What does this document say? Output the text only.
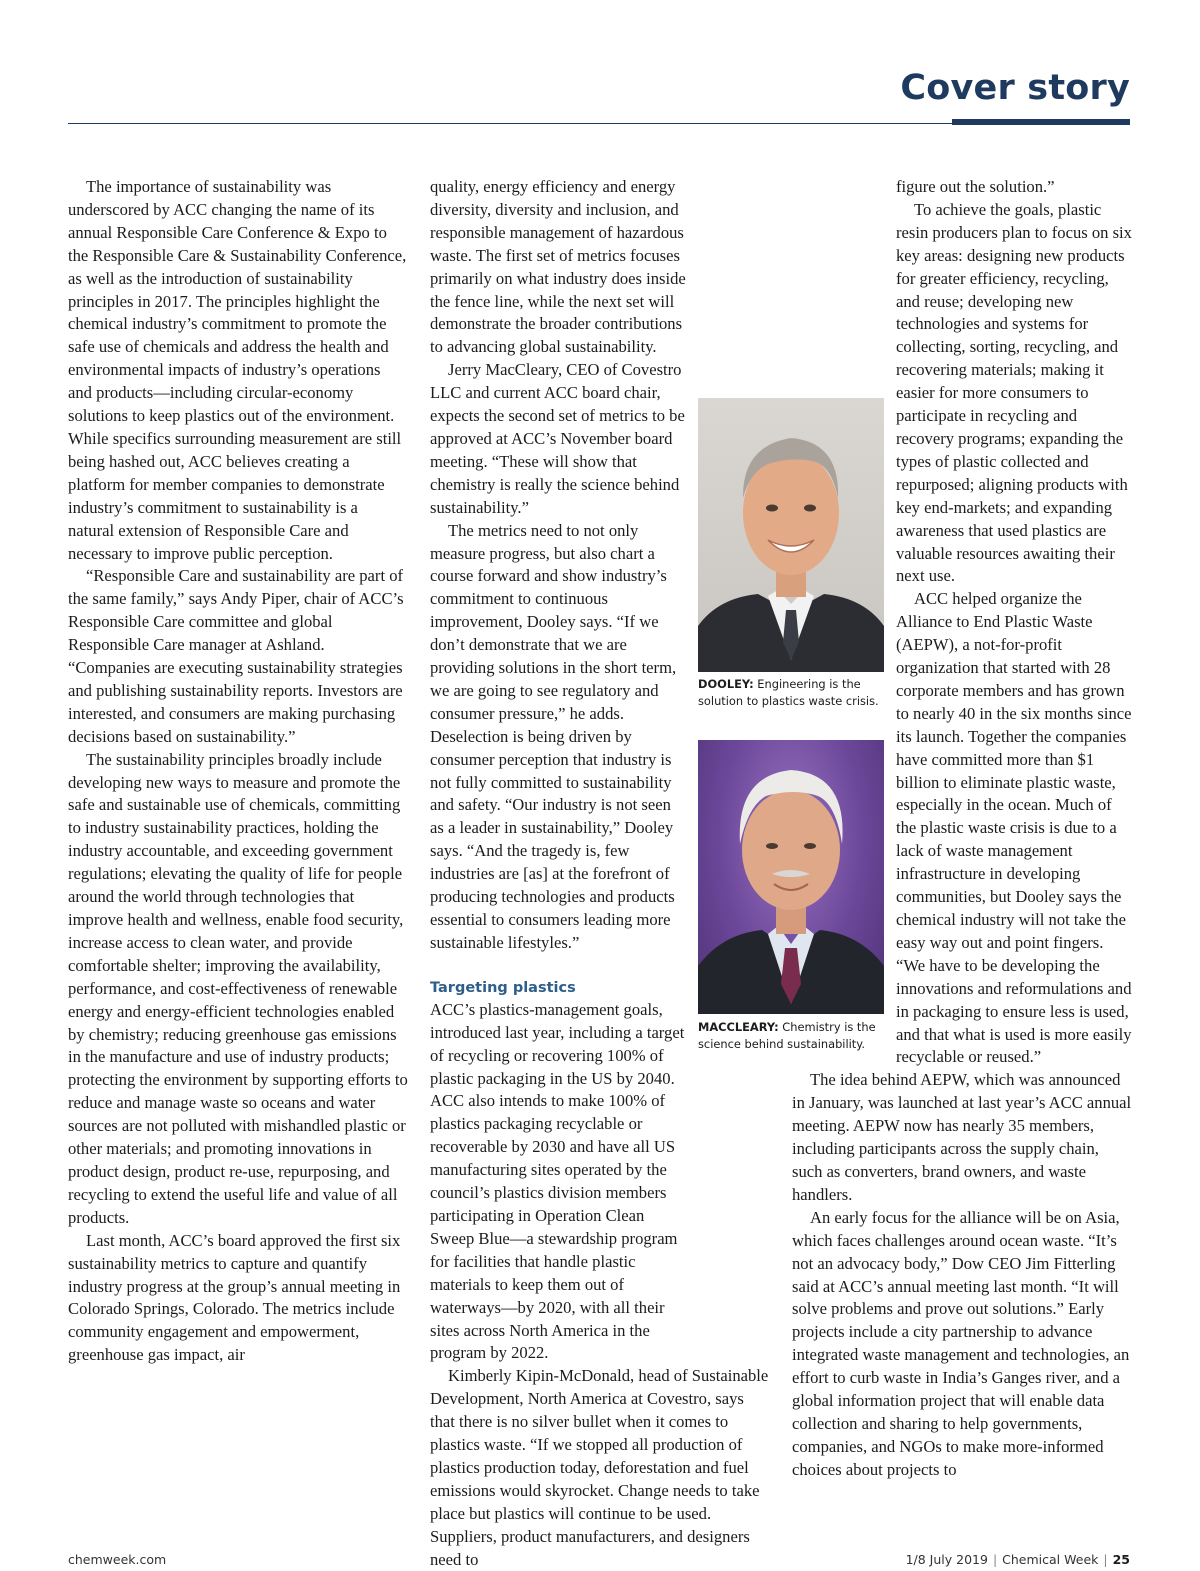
Cover story

The importance of sustainability was underscored by ACC changing the name of its annual Responsible Care Conference & Expo to the Responsible Care & Sustainability Conference, as well as the introduction of sustainability principles in 2017. The principles highlight the chemical industry’s commitment to promote the safe use of chemicals and address the health and environmental impacts of industry’s operations and products—including circular-economy solutions to keep plastics out of the environment. While specifics surrounding measurement are still being hashed out, ACC believes creating a platform for member companies to demonstrate industry’s commitment to sustainability is a natural extension of Responsible Care and necessary to improve public perception.

“Responsible Care and sustainability are part of the same family,” says Andy Piper, chair of ACC’s Responsible Care committee and global Responsible Care manager at Ashland. “Companies are executing sustainability strategies and publishing sustainability reports. Investors are interested, and consumers are making purchasing decisions based on sustainability.”

The sustainability principles broadly include developing new ways to measure and promote the safe and sustainable use of chemicals, committing to industry sustainability practices, holding the industry accountable, and exceeding government regulations; elevating the quality of life for people around the world through technologies that improve health and wellness, enable food security, increase access to clean water, and provide comfortable shelter; improving the availability, performance, and cost-effectiveness of renewable energy and energy-efficient technologies enabled by chemistry; reducing greenhouse gas emissions in the manufacture and use of industry products; protecting the environment by supporting efforts to reduce and manage waste so oceans and water sources are not polluted with mishandled plastic or other materials; and promoting innovations in product design, product re-use, repurposing, and recycling to extend the useful life and value of all products.

Last month, ACC’s board approved the first six sustainability metrics to capture and quantify industry progress at the group’s annual meeting in Colorado Springs, Colorado. The metrics include community engagement and empowerment, greenhouse gas impact, air

quality, energy efficiency and energy diversity, diversity and inclusion, and responsible management of hazardous waste. The first set of metrics focuses primarily on what industry does inside the fence line, while the next set will demonstrate the broader contributions to advancing global sustainability.

Jerry MacCleary, CEO of Covestro LLC and current ACC board chair, expects the second set of metrics to be approved at ACC’s November board meeting. “These will show that chemistry is really the science behind sustainability.”

The metrics need to not only measure progress, but also chart a course forward and show industry’s commitment to continuous improvement, Dooley says. “If we don’t demonstrate that we are providing solutions in the short term, we are going to see regulatory and consumer pressure,” he adds. Deselection is being driven by consumer perception that industry is not fully committed to sustainability and safety. “Our industry is not seen as a leader in sustainability,” Dooley says. “And the tragedy is, few industries are [as] at the forefront of producing technologies and products essential to consumers leading more sustainable lifestyles.”

Targeting plastics

ACC’s plastics-management goals, introduced last year, including a target of recycling or recovering 100% of plastic packaging in the US by 2040. ACC also intends to make 100% of plastics packaging recyclable or recoverable by 2030 and have all US manufacturing sites operated by the council’s plastics division members participating in Operation Clean Sweep Blue—a stewardship program for facilities that handle plastic materials to keep them out of waterways—by 2020, with all their sites across North America in the program by 2022.

Kimberly Kipin-McDonald, head of Sustainable Development, North America at Covestro, says that there is no silver bullet when it comes to plastics waste. “If we stopped all production of plastics production today, deforestation and fuel emissions would skyrocket. Change needs to take place but plastics will continue to be used. Suppliers, product manufacturers, and designers need to

figure out the solution.”

To achieve the goals, plastic resin producers plan to focus on six key areas: designing new products for greater efficiency, recycling, and reuse; developing new technologies and systems for collecting, sorting, recycling, and recovering materials; making it easier for more consumers to participate in recycling and recovery programs; expanding the types of plastic collected and repurposed; aligning products with key end-markets; and expanding awareness that used plastics are valuable resources awaiting their next use.

ACC helped organize the Alliance to End Plastic Waste (AEPW), a not-for-profit organization that started with 28 corporate members and has grown to nearly 40 in the six months since its launch. Together the companies have committed more than $1 billion to eliminate plastic waste, especially in the ocean. Much of the plastic waste crisis is due to a lack of waste management infrastructure in developing communities, but Dooley says the chemical industry will not take the easy way out and point fingers. “We have to be developing the innovations and reformulations and in packaging to ensure less is used, and that what is used is more easily recyclable or reused.”

The idea behind AEPW, which was announced in January, was launched at last year’s ACC annual meeting. AEPW now has nearly 35 members, including participants across the supply chain, such as converters, brand owners, and waste handlers.

An early focus for the alliance will be on Asia, which faces challenges around ocean waste. “It’s not an advocacy body,” Dow CEO Jim Fitterling said at ACC’s annual meeting last month. “It will solve problems and prove out solutions.” Early projects include a city partnership to advance integrated waste management and technologies, an effort to curb waste in India’s Ganges river, and a global information project that will enable data collection and sharing to help governments, companies, and NGOs to make more-informed choices about projects to

DOOLEY: Engineering is the solution to plastics waste crisis.
MACCLEARY: Chemistry is the science behind sustainability.
chemweek.com	1/8 July 2019 | Chemical Week | 25
